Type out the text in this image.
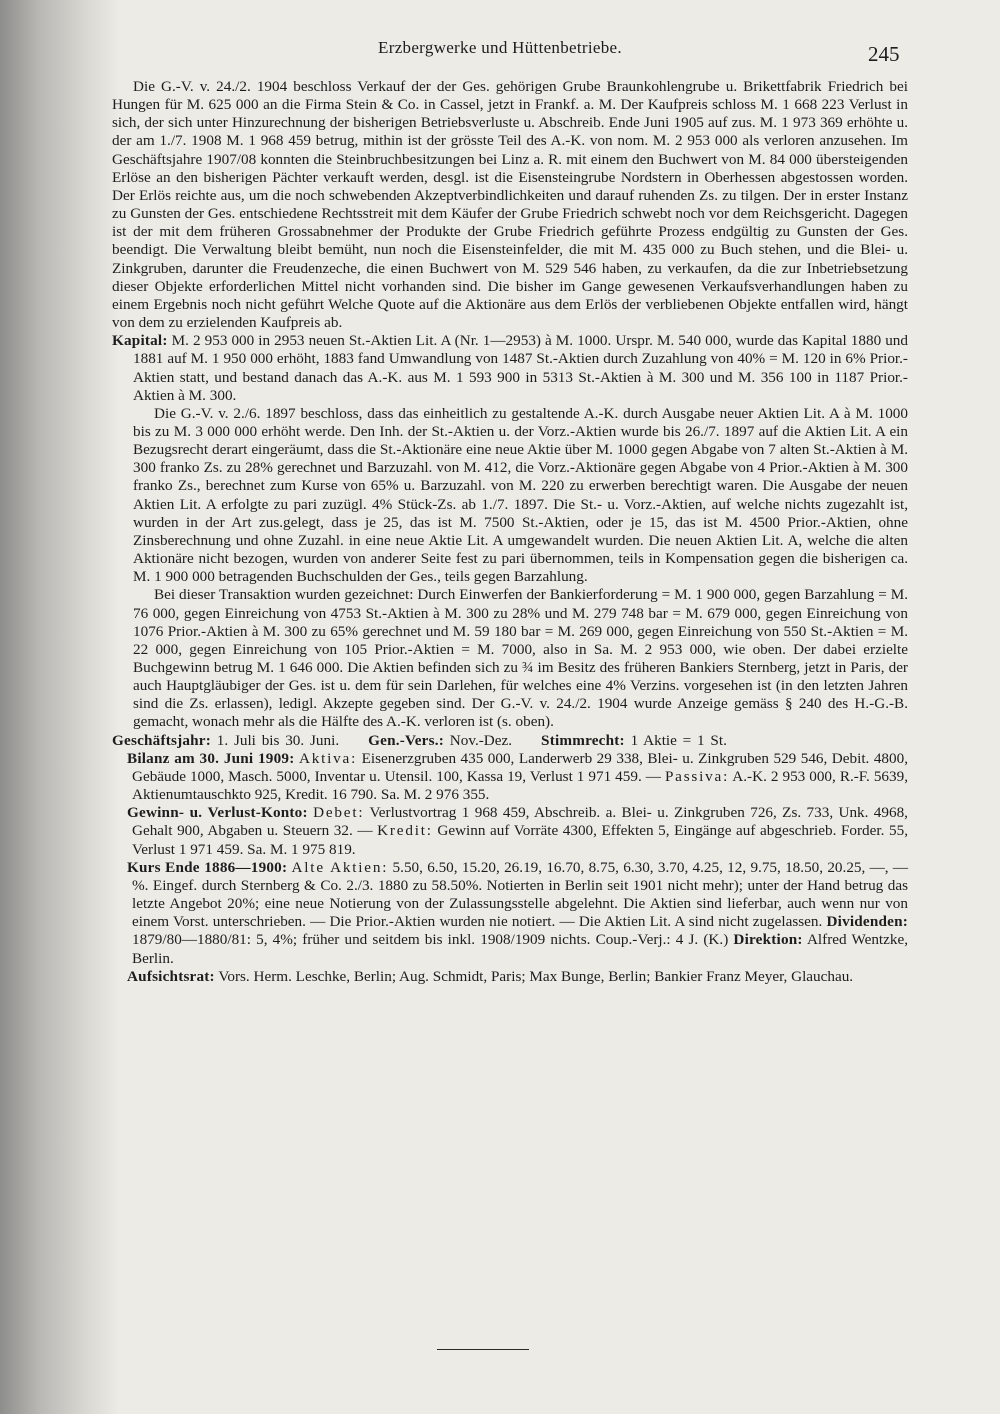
Erzbergwerke und Hüttenbetriebe.	245

Die G.-V. v. 24./2. 1904 beschloss Verkauf der der Ges. gehörigen Grube Braunkohlengrube u. Brikettfabrik Friedrich bei Hungen für M. 625 000 an die Firma Stein & Co. in Cassel, jetzt in Frankf. a. M. Der Kaufpreis schloss M. 1 668 223 Verlust in sich, der sich unter Hinzurechnung der bisherigen Betriebsverluste u. Abschreib. Ende Juni 1905 auf zus. M. 1 973 369 erhöhte u. der am 1./7. 1908 M. 1 968 459 betrug, mithin ist der grösste Teil des A.-K. von nom. M. 2 953 000 als verloren anzusehen. Im Geschäftsjahre 1907/08 konnten die Steinbruchbesitzungen bei Linz a. R. mit einem den Buchwert von M. 84 000 übersteigenden Erlöse an den bisherigen Pächter verkauft werden, desgl. ist die Eisensteingrube Nordstern in Oberhessen abgestossen worden. Der Erlös reichte aus, um die noch schwebenden Akzeptverbindlichkeiten und darauf ruhenden Zs. zu tilgen. Der in erster Instanz zu Gunsten der Ges. entschiedene Rechtsstreit mit dem Käufer der Grube Friedrich schwebt noch vor dem Reichsgericht. Dagegen ist der mit dem früheren Grossabnehmer der Produkte der Grube Friedrich geführte Prozess endgültig zu Gunsten der Ges. beendigt. Die Verwaltung bleibt bemüht, nun noch die Eisensteinfelder, die mit M. 435 000 zu Buch stehen, und die Blei- u. Zinkgruben, darunter die Freudenzeche, die einen Buchwert von M. 529 546 haben, zu verkaufen, da die zur Inbetriebsetzung dieser Objekte erforderlichen Mittel nicht vorhanden sind. Die bisher im Gange gewesenen Verkaufsverhandlungen haben zu einem Ergebnis noch nicht geführt Welche Quote auf die Aktionäre aus dem Erlös der verbliebenen Objekte entfallen wird, hängt von dem zu erzielenden Kaufpreis ab.

Kapital: M. 2 953 000 in 2953 neuen St.-Aktien Lit. A (Nr. 1—2953) à M. 1000. Urspr. M. 540 000, wurde das Kapital 1880 und 1881 auf M. 1 950 000 erhöht, 1883 fand Umwandlung von 1487 St.-Aktien durch Zuzahlung von 40% = M. 120 in 6% Prior.-Aktien statt, und bestand danach das A.-K. aus M. 1 593 900 in 5313 St.-Aktien à M. 300 und M. 356 100 in 1187 Prior.-Aktien à M. 300.

Die G.-V. v. 2./6. 1897 beschloss, dass das einheitlich zu gestaltende A.-K. durch Ausgabe neuer Aktien Lit. A à M. 1000 bis zu M. 3 000 000 erhöht werde. Den Inh. der St.-Aktien u. der Vorz.-Aktien wurde bis 26./7. 1897 auf die Aktien Lit. A ein Bezugsrecht derart eingeräumt, dass die St.-Aktionäre eine neue Aktie über M. 1000 gegen Abgabe von 7 alten St.-Aktien à M. 300 franko Zs. zu 28% gerechnet und Barzuzahl. von M. 412, die Vorz.-Aktionäre gegen Abgabe von 4 Prior.-Aktien à M. 300 franko Zs., berechnet zum Kurse von 65% u. Barzuzahl. von M. 220 zu erwerben berechtigt waren. Die Ausgabe der neuen Aktien Lit. A erfolgte zu pari zuzügl. 4% Stück-Zs. ab 1./7. 1897. Die St.- u. Vorz.-Aktien, auf welche nichts zugezahlt ist, wurden in der Art zus.gelegt, dass je 25, das ist M. 7500 St.-Aktien, oder je 15, das ist M. 4500 Prior.-Aktien, ohne Zinsberechnung und ohne Zuzahl. in eine neue Aktie Lit. A umgewandelt wurden. Die neuen Aktien Lit. A, welche die alten Aktionäre nicht bezogen, wurden von anderer Seite fest zu pari übernommen, teils in Kompensation gegen die bisherigen ca. M. 1 900 000 betragenden Buchschulden der Ges., teils gegen Barzahlung.

Bei dieser Transaktion wurden gezeichnet: Durch Einwerfen der Bankierforderung = M. 1 900 000, gegen Barzahlung = M. 76 000, gegen Einreichung von 4753 St.-Aktien à M. 300 zu 28% und M. 279 748 bar = M. 679 000, gegen Einreichung von 1076 Prior.-Aktien à M. 300 zu 65% gerechnet und M. 59 180 bar = M. 269 000, gegen Einreichung von 550 St.-Aktien = M. 22 000, gegen Einreichung von 105 Prior.-Aktien = M. 7000, also in Sa. M. 2 953 000, wie oben. Der dabei erzielte Buchgewinn betrug M. 1 646 000. Die Aktien befinden sich zu ¾ im Besitz des früheren Bankiers Sternberg, jetzt in Paris, der auch Hauptgläubiger der Ges. ist u. dem für sein Darlehen, für welches eine 4% Verzins. vorgesehen ist (in den letzten Jahren sind die Zs. erlassen), ledigl. Akzepte gegeben sind. Der G.-V. v. 24./2. 1904 wurde Anzeige gemäss § 240 des H.-G.-B. gemacht, wonach mehr als die Hälfte des A.-K. verloren ist (s. oben).

Geschäftsjahr: 1. Juli bis 30. Juni. Gen.-Vers.: Nov.-Dez. Stimmrecht: 1 Aktie = 1 St.

Bilanz am 30. Juni 1909: Aktiva: Eisenerzgruben 435 000, Landerwerb 29 338, Blei- u. Zinkgruben 529 546, Debit. 4800, Gebäude 1000, Masch. 5000, Inventar u. Utensil. 100, Kassa 19, Verlust 1 971 459. — Passiva: A.-K. 2 953 000, R.-F. 5639, Aktienumtauschkto 925, Kredit. 16 790. Sa. M. 2 976 355.

Gewinn- u. Verlust-Konto: Debet: Verlustvortrag 1 968 459, Abschreib. a. Blei- u. Zinkgruben 726, Zs. 733, Unk. 4968, Gehalt 900, Abgaben u. Steuern 32. — Kredit: Gewinn auf Vorräte 4300, Effekten 5, Eingänge auf abgeschrieb. Forder. 55, Verlust 1 971 459. Sa. M. 1 975 819.

Kurs Ende 1886—1900: Alte Aktien: 5.50, 6.50, 15.20, 26.19, 16.70, 8.75, 6.30, 3.70, 4.25, 12, 9.75, 18.50, 20.25, —, —%. Eingef. durch Sternberg & Co. 2./3. 1880 zu 58.50%. Notierten in Berlin seit 1901 nicht mehr); unter der Hand betrug das letzte Angebot 20%; eine neue Notierung von der Zulassungsstelle abgelehnt. Die Aktien sind lieferbar, auch wenn nur von einem Vorst. unterschrieben. — Die Prior.-Aktien wurden nie notiert. — Die Aktien Lit. A sind nicht zugelassen. Dividenden: 1879/80—1880/81: 5, 4%; früher und seitdem bis inkl. 1908/1909 nichts. Coup.-Verj.: 4 J. (K.) Direktion: Alfred Wentzke, Berlin.

Aufsichtsrat: Vors. Herm. Leschke, Berlin; Aug. Schmidt, Paris; Max Bunge, Berlin; Bankier Franz Meyer, Glauchau.
